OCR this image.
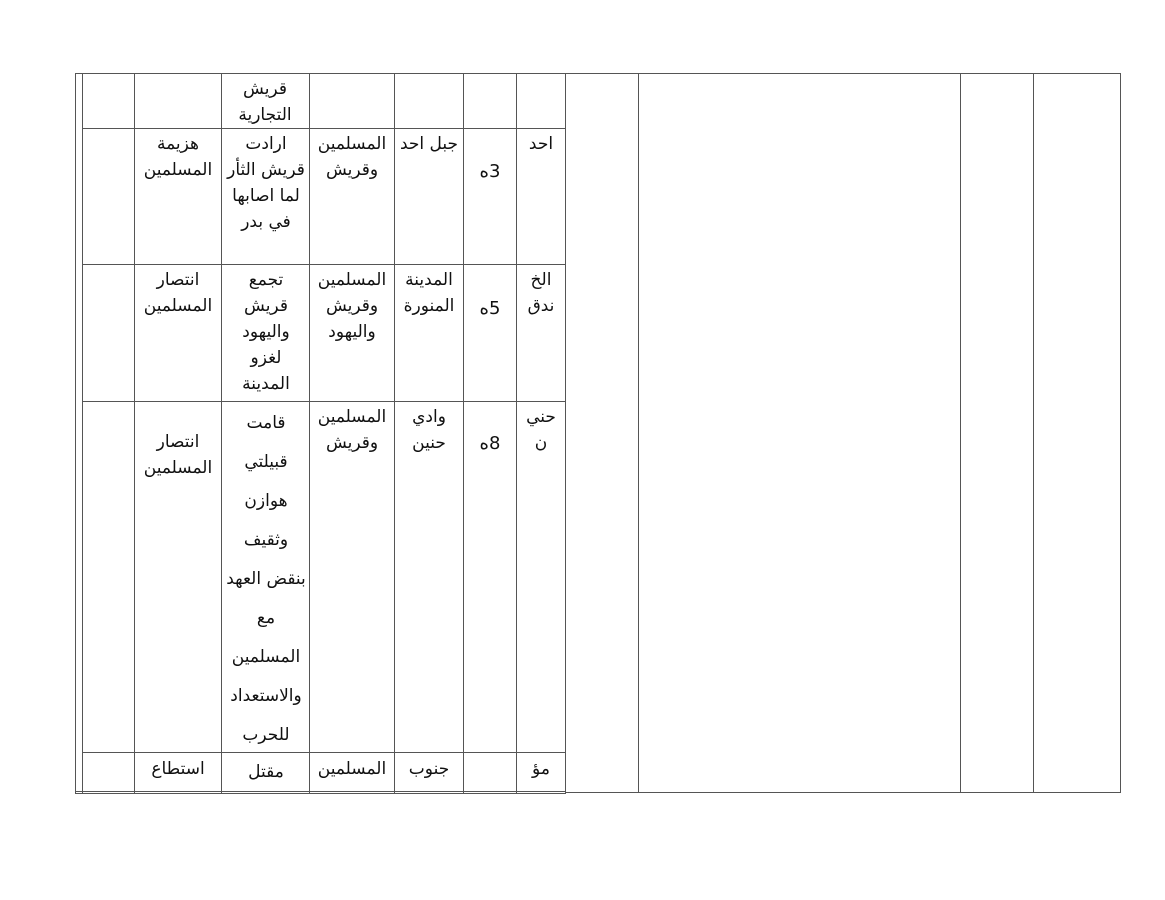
قريش التجارية
احد
3ه
جبل احد
المسلمين وقريش
ارادت قريش الثأر لما اصابها في بدر
هزيمة المسلمين
الخ ندق
5ه
المدينة المنورة
المسلمين وقريش واليهود
تجمع قريش واليهود لغزو المدينة
انتصار المسلمين
حني ن
8ه
وادي حنين
المسلمين وقريش
قامت قبيلتي هوازن وثقيف بنقض العهد مع المسلمين والاستعداد للحرب
انتصار المسلمين
مؤ
جنوب
المسلمين
مقتل
استطاع
